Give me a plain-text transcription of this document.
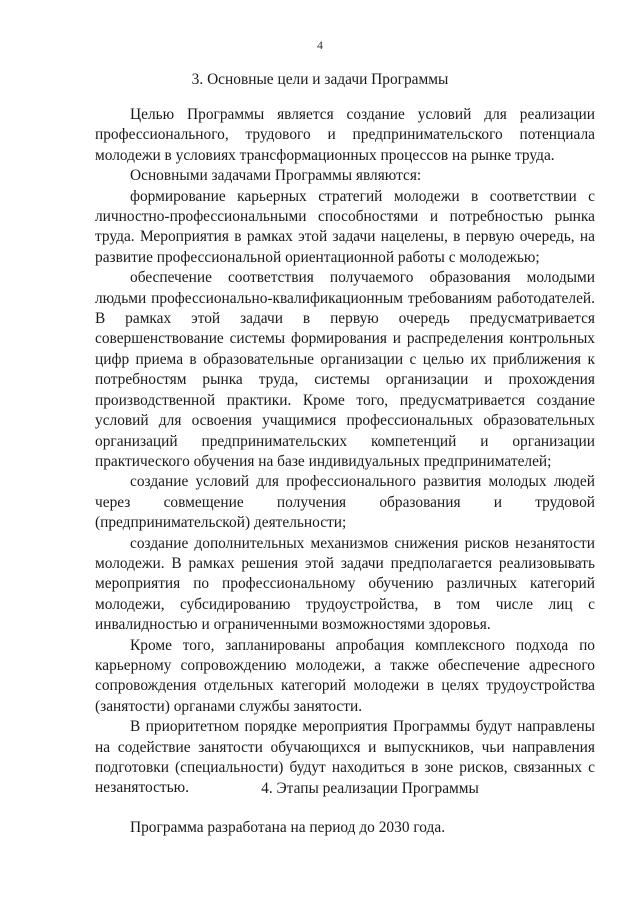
4
3. Основные цели и задачи Программы

Целью Программы является создание условий для реализации профессионального, трудового и предпринимательского потенциала молодежи в условиях трансформационных процессов на рынке труда.

Основными задачами Программы являются:

формирование карьерных стратегий молодежи в соответствии с личностно-профессиональными способностями и потребностью рынка труда. Мероприятия в рамках этой задачи нацелены, в первую очередь, на развитие профессиональной ориентационной работы с молодежью;

обеспечение соответствия получаемого образования молодыми людьми профессионально-квалификационным требованиям работодателей. В рамках этой задачи в первую очередь предусматривается совершенствование системы формирования и распределения контрольных цифр приема в образовательные организации с целью их приближения к потребностям рынка труда, системы организации и прохождения производственной практики. Кроме того, предусматривается создание условий для освоения учащимися профессиональных образовательных организаций предпринимательских компетенций и организации практического обучения на базе индивидуальных предпринимателей;

создание условий для профессионального развития молодых людей через совмещение получения образования и трудовой (предпринимательской) деятельности;

создание дополнительных механизмов снижения рисков незанятости молодежи. В рамках решения этой задачи предполагается реализовывать мероприятия по профессиональному обучению различных категорий молодежи, субсидированию трудоустройства, в том числе лиц с инвалидностью и ограниченными возможностями здоровья.

Кроме того, запланированы апробация комплексного подхода по карьерному сопровождению молодежи, а также обеспечение адресного сопровождения отдельных категорий молодежи в целях трудоустройства (занятости) органами службы занятости.

В приоритетном порядке мероприятия Программы будут направлены на содействие занятости обучающихся и выпускников, чьи направления подготовки (специальности) будут находиться в зоне рисков, связанных с незанятостью.	4. Этапы реализации Программы

Программа разработана на период до 2030 года.
